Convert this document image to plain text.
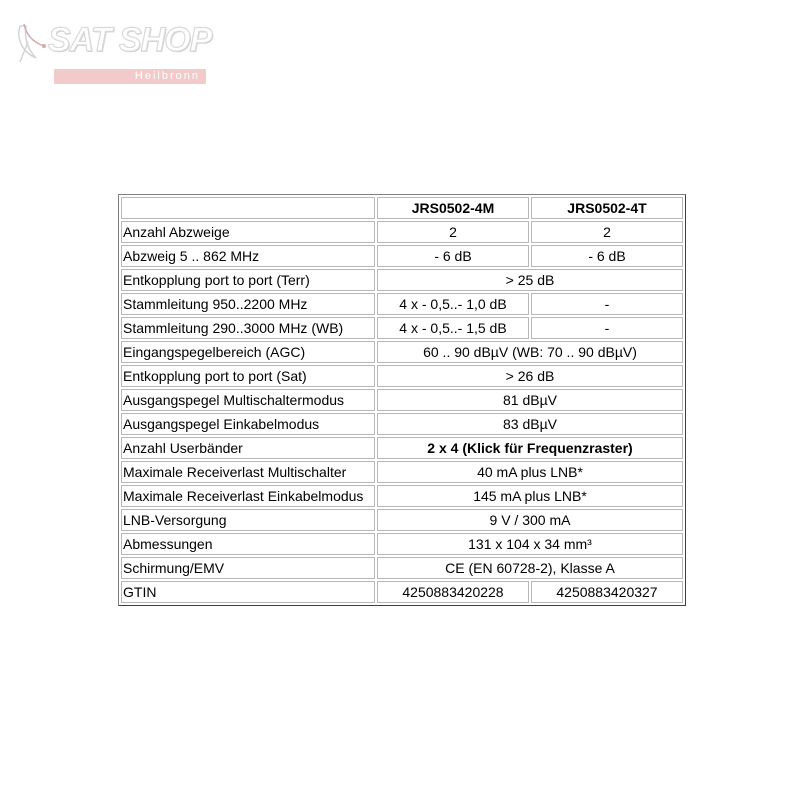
SAT SHOP
Heilbronn
	JRS0502-4M	JRS0502-4T
Anzahl Abzweige	2	2
Abzweig 5 .. 862 MHz	- 6 dB	- 6 dB
Entkopplung port to port (Terr)	> 25 dB	
Stammleitung 950..2200 MHz	4 x - 0,5..- 1,0 dB	-
Stammleitung 290..3000 MHz (WB)	4 x - 0,5..- 1,5 dB	-
Eingangspegelbereich (AGC)	60 .. 90 dBµV (WB: 70 .. 90 dBµV)	
Entkopplung port to port (Sat)	> 26 dB	
Ausgangspegel Multischaltermodus	81 dBµV	
Ausgangspegel Einkabelmodus	83 dBµV	
Anzahl Userbänder	2 x 4 (Klick für Frequenzraster)	
Maximale Receiverlast Multischalter	40 mA plus LNB*	
Maximale Receiverlast Einkabelmodus	145 mA plus LNB*	
LNB-Versorgung	9 V / 300 mA	
Abmessungen	131 x 104 x 34 mm³	
Schirmung/EMV	CE (EN 60728-2), Klasse A	
GTIN	4250883420228	4250883420327
